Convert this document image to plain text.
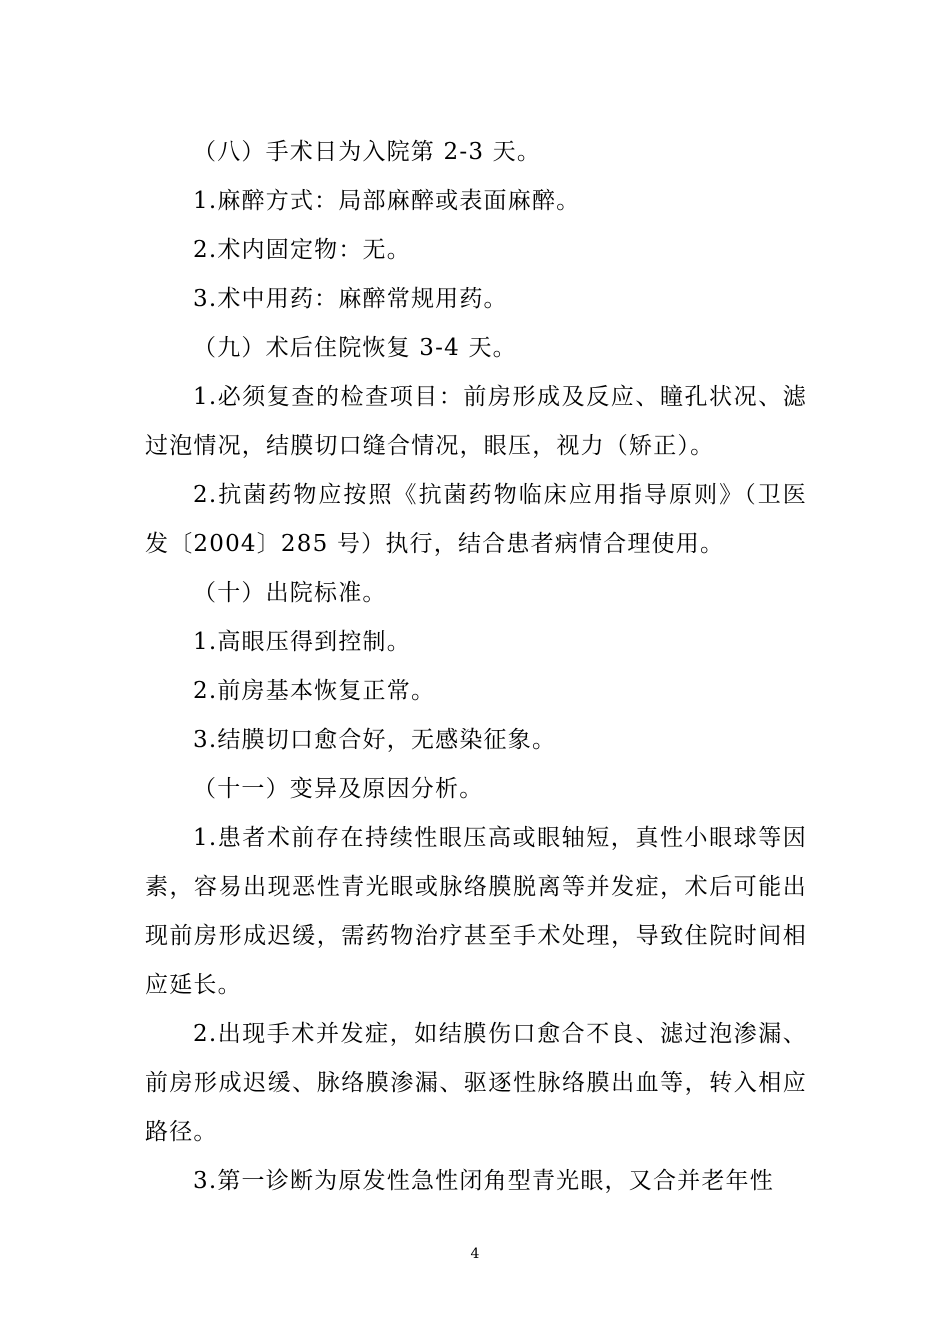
（八）手术日为入院第 2-3 天。

1.麻醉方式：局部麻醉或表面麻醉。

2.术内固定物：无。

3.术中用药：麻醉常规用药。

（九）术后住院恢复 3-4 天。

1.必须复查的检查项目：前房形成及反应、瞳孔状况、滤过泡情况，结膜切口缝合情况，眼压，视力（矫正）。

2.抗菌药物应按照《抗菌药物临床应用指导原则》（卫医发〔2004〕285 号）执行，结合患者病情合理使用。

（十）出院标准。

1.高眼压得到控制。

2.前房基本恢复正常。

3.结膜切口愈合好，无感染征象。

（十一）变异及原因分析。

1.患者术前存在持续性眼压高或眼轴短，真性小眼球等因素，容易出现恶性青光眼或脉络膜脱离等并发症，术后可能出现前房形成迟缓，需药物治疗甚至手术处理，导致住院时间相应延长。

2.出现手术并发症，如结膜伤口愈合不良、滤过泡渗漏、前房形成迟缓、脉络膜渗漏、驱逐性脉络膜出血等，转入相应路径。

3.第一诊断为原发性急性闭角型青光眼，又合并老年性

4
